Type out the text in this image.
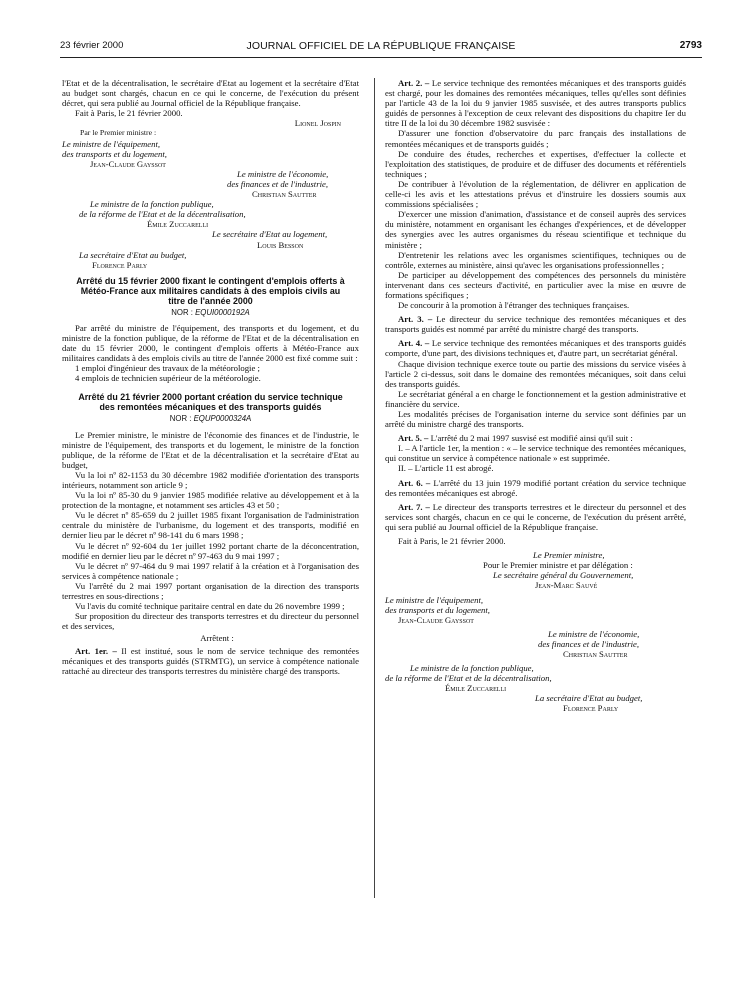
23 février 2000	JOURNAL OFFICIEL DE LA RÉPUBLIQUE FRANÇAISE	2793

l'Etat et de la décentralisation, le secrétaire d'Etat au logement et la secrétaire d'Etat au budget sont chargés, chacun en ce qui le concerne, de l'exécution du présent décret, qui sera publié au Journal officiel de la République française.

Fait à Paris, le 21 février 2000.

Lionel Jospin

Par le Premier ministre :

Le ministre de l'équipement,

des transports et du logement,

Jean-Claude Gayssot

Le ministre de l'économie,

des finances et de l'industrie,

Christian Sautter

Le ministre de la fonction publique,

de la réforme de l'Etat et de la décentralisation,

Émile Zuccarelli

Le secrétaire d'Etat au logement,

Louis Besson

La secrétaire d'Etat au budget,

Florence Parly

Arrêté du 15 février 2000 fixant le contingent d'emplois offerts à Météo-France aux militaires candidats à des emplois civils au titre de l'année 2000
NOR : EQUI0000192A

Par arrêté du ministre de l'équipement, des transports et du logement, et du ministre de la fonction publique, de la réforme de l'Etat et de la décentralisation en date du 15 février 2000, le contingent d'emplois offerts à Météo-France aux militaires candidats à des emplois civils au titre de l'année 2000 est fixé comme suit :

1 emploi d'ingénieur des travaux de la météorologie ;

4 emplois de technicien supérieur de la météorologie.

Arrêté du 21 février 2000 portant création du service technique des remontées mécaniques et des transports guidés
NOR : EQUP0000324A

Le Premier ministre, le ministre de l'économie des finances et de l'industrie, le ministre de l'équipement, des transports et du logement, le ministre de la fonction publique, de la réforme de l'Etat et de la décentralisation et la secrétaire d'Etat au budget,

Vu la loi nº 82-1153 du 30 décembre 1982 modifiée d'orientation des transports intérieurs, notamment son article 9 ;

Vu la loi nº 85-30 du 9 janvier 1985 modifiée relative au développement et à la protection de la montagne, et notamment ses articles 43 et 50 ;

Vu le décret nº 85-659 du 2 juillet 1985 fixant l'organisation de l'administration centrale du ministère de l'urbanisme, du logement et des transports, modifié en dernier lieu par le décret nº 98-141 du 6 mars 1998 ;

Vu le décret nº 92-604 du 1er juillet 1992 portant charte de la déconcentration, modifié en dernier lieu par le décret nº 97-463 du 9 mai 1997 ;

Vu le décret nº 97-464 du 9 mai 1997 relatif à la création et à l'organisation des services à compétence nationale ;

Vu l'arrêté du 2 mai 1997 portant organisation de la direction des transports terrestres en sous-directions ;

Vu l'avis du comité technique paritaire central en date du 26 novembre 1999 ;

Sur proposition du directeur des transports terrestres et du directeur du personnel et des services,

Arrêtent :

Art. 1er. – Il est institué, sous le nom de service technique des remontées mécaniques et des transports guidés (STRMTG), un service à compétence nationale rattaché au directeur des transports terrestres du ministère chargé des transports.

Art. 2. – Le service technique des remontées mécaniques et des transports guidés est chargé, pour les domaines des remontées mécaniques, telles qu'elles sont définies par l'article 43 de la loi du 9 janvier 1985 susvisée, et des autres transports publics guidés de personnes à l'exception de ceux relevant des dispositions du chapitre Ier du titre II de la loi du 30 décembre 1982 susvisée :

D'assurer une fonction d'observatoire du parc français des installations de remontées mécaniques et de transports guidés ;

De conduire des études, recherches et expertises, d'effectuer la collecte et l'exploitation des statistiques, de produire et de diffuser des documents et référentiels techniques ;

De contribuer à l'évolution de la réglementation, de délivrer en application de celle-ci les avis et les attestations prévus et d'instruire les dossiers soumis aux commissions spécialisées ;

D'exercer une mission d'animation, d'assistance et de conseil auprès des services du ministère, notamment en organisant les échanges d'expériences, et de développer des synergies avec les autres organismes du réseau scientifique et technique du ministère ;

D'entretenir les relations avec les organismes scientifiques, techniques ou de contrôle, externes au ministère, ainsi qu'avec les organisations professionnelles ;

De participer au développement des compétences des personnels du ministère intervenant dans ces secteurs d'activité, en particulier avec la mise en œuvre de formations spécifiques ;

De concourir à la promotion à l'étranger des techniques françaises.

Art. 3. – Le directeur du service technique des remontées mécaniques et des transports guidés est nommé par arrêté du ministre chargé des transports.

Art. 4. – Le service technique des remontées mécaniques et des transports guidés comporte, d'une part, des divisions techniques et, d'autre part, un secrétariat général.

Chaque division technique exerce toute ou partie des missions du service visées à l'article 2 ci-dessus, soit dans le domaine des remontées mécaniques, soit dans celui des transports guidés.

Le secrétariat général a en charge le fonctionnement et la gestion administrative et financière du service.

Les modalités précises de l'organisation interne du service sont définies par un arrêté du ministre chargé des transports.

Art. 5. – L'arrêté du 2 mai 1997 susvisé est modifié ainsi qu'il suit :

I. – A l'article 1er, la mention : « – le service technique des remontées mécaniques, qui constitue un service à compétence nationale » est supprimée.

II. – L'article 11 est abrogé.

Art. 6. – L'arrêté du 13 juin 1979 modifié portant création du service technique des remontées mécaniques est abrogé.

Art. 7. – Le directeur des transports terrestres et le directeur du personnel et des services sont chargés, chacun en ce qui le concerne, de l'exécution du présent arrêté, qui sera publié au Journal officiel de la République française.

Fait à Paris, le 21 février 2000.

Le Premier ministre,

Pour le Premier ministre et par délégation :

Le secrétaire général du Gouvernement,

Jean-Marc Sauvé

Le ministre de l'équipement,

des transports et du logement,

Jean-Claude Gayssot

Le ministre de l'économie,

des finances et de l'industrie,

Christian Sautter

Le ministre de la fonction publique,

de la réforme de l'Etat et de la décentralisation,

Émile Zuccarelli

La secrétaire d'Etat au budget,

Florence Parly
